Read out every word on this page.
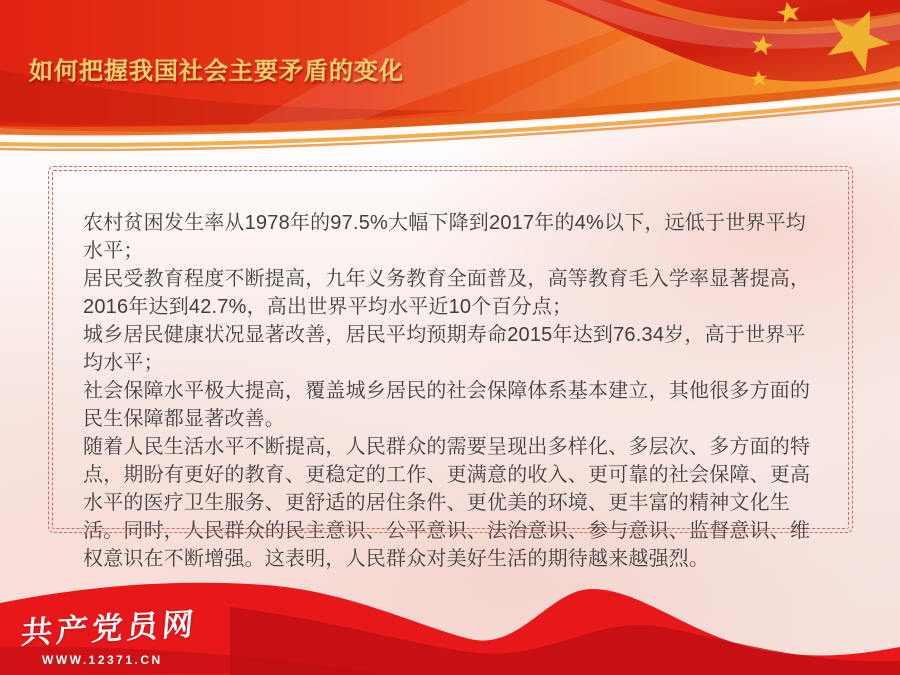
如何把握我国社会主要矛盾的变化

农村贫困发生率从1978年的97.5%大幅下降到2017年的4%以下，远低于世界平均水平；

居民受教育程度不断提高，九年义务教育全面普及，高等教育毛入学率显著提高，2016年达到42.7%，高出世界平均水平近10个百分点；

城乡居民健康状况显著改善，居民平均预期寿命2015年达到76.34岁，高于世界平均水平；

社会保障水平极大提高，覆盖城乡居民的社会保障体系基本建立，其他很多方面的民生保障都显著改善。

随着人民生活水平不断提高，人民群众的需要呈现出多样化、多层次、多方面的特点，期盼有更好的教育、更稳定的工作、更满意的收入、更可靠的社会保障、更高水平的医疗卫生服务、更舒适的居住条件、更优美的环境、更丰富的精神文化生活。同时，人民群众的民主意识、公平意识、法治意识、参与意识、监督意识、维权意识在不断增强。这表明，人民群众对美好生活的期待越来越强烈。

共产党员网
WWW.12371.CN
